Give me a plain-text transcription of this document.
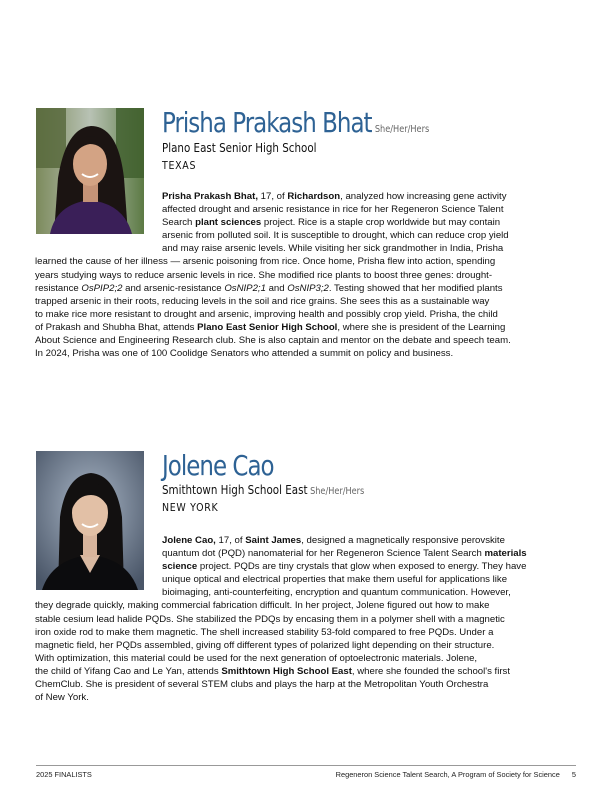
Prisha Prakash Bhat She/Her/Hers
Plano East Senior High School
TEXAS
Prisha Prakash Bhat, 17, of Richardson, analyzed how increasing gene activity
affected drought and arsenic resistance in rice for her Regeneron Science Talent
Search plant sciences project. Rice is a staple crop worldwide but may contain
arsenic from polluted soil. It is susceptible to drought, which can reduce crop yield
and may raise arsenic levels. While visiting her sick grandmother in India, Prisha
learned the cause of her illness — arsenic poisoning from rice. Once home, Prisha flew into action, spending
years studying ways to reduce arsenic levels in rice. She modified rice plants to boost three genes: drought-
resistance OsPIP2;2 and arsenic-resistance OsNIP2;1 and OsNIP3;2. Testing showed that her modified plants
trapped arsenic in their roots, reducing levels in the soil and rice grains. She sees this as a sustainable way
to make rice more resistant to drought and arsenic, improving health and possibly crop yield. Prisha, the child
of Prakash and Shubha Bhat, attends Plano East Senior High School, where she is president of the Learning
About Science and Engineering Research club. She is also captain and mentor on the debate and speech team.
In 2024, Prisha was one of 100 Coolidge Senators who attended a summit on policy and business.
Jolene Cao
Smithtown High School East She/Her/Hers
NEW YORK
Jolene Cao, 17, of Saint James, designed a magnetically responsive perovskite
quantum dot (PQD) nanomaterial for her Regeneron Science Talent Search materials
science project. PQDs are tiny crystals that glow when exposed to energy. They have
unique optical and electrical properties that make them useful for applications like
bioimaging, anti-counterfeiting, encryption and quantum communication. However,
they degrade quickly, making commercial fabrication difficult. In her project, Jolene figured out how to make
stable cesium lead halide PQDs. She stabilized the PDQs by encasing them in a polymer shell with a magnetic
iron oxide rod to make them magnetic. The shell increased stability 53-fold compared to free PQDs. Under a
magnetic field, her PQDs assembled, giving off different types of polarized light depending on their structure.
With optimization, this material could be used for the next generation of optoelectronic materials. Jolene,
the child of Yifang Cao and Le Yan, attends Smithtown High School East, where she founded the school's first
ChemClub. She is president of several STEM clubs and plays the harp at the Metropolitan Youth Orchestra
of New York.
2025 FINALISTS	Regeneron Science Talent Search, A Program of Society for Science 5
